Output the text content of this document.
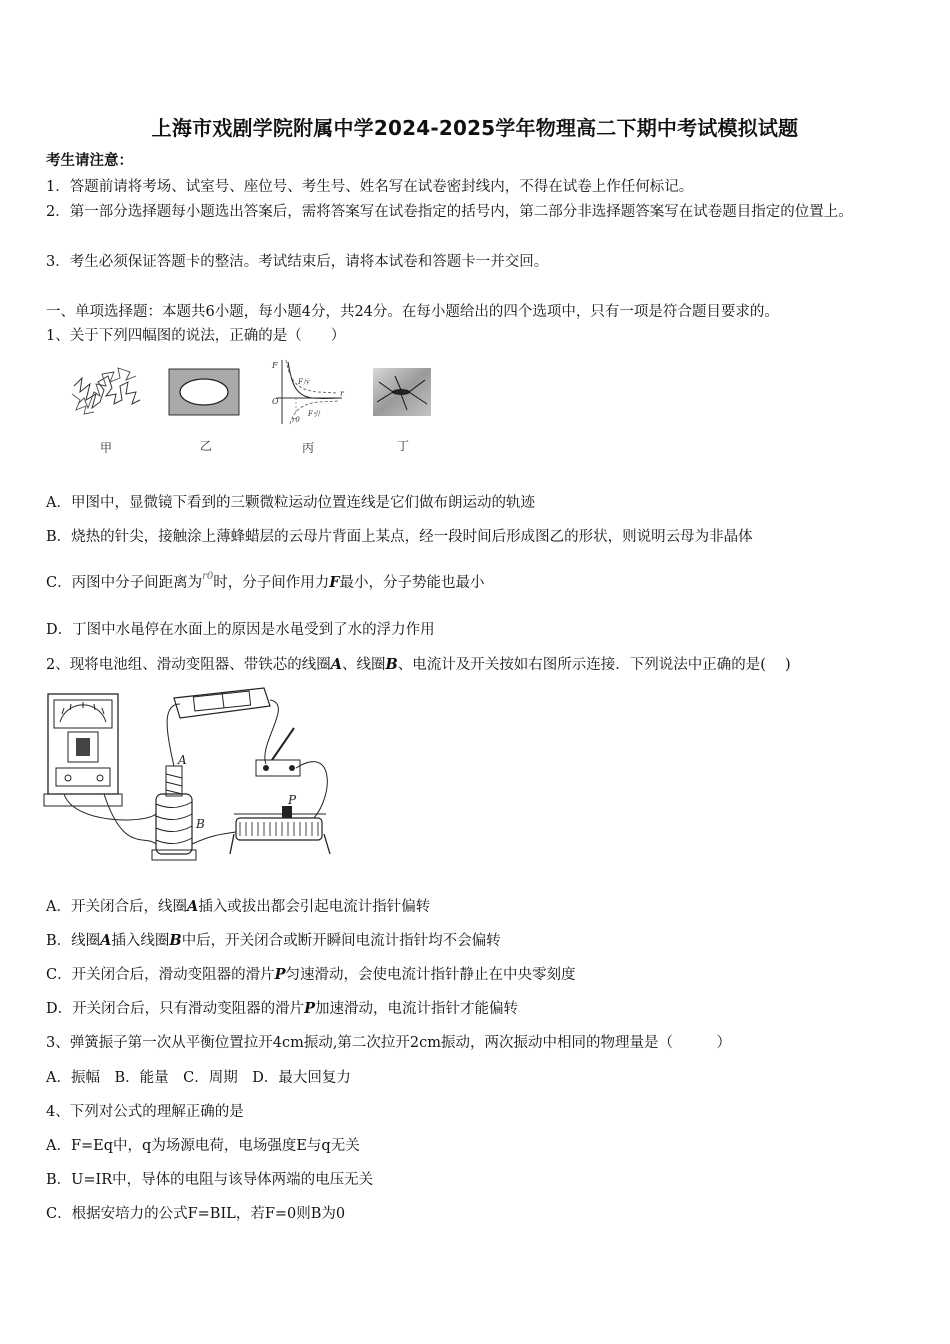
上海市戏剧学院附属中学2024-2025学年物理高二下期中考试模拟试题
考生请注意：
1．答题前请将考场、试室号、座位号、考生号、姓名写在试卷密封线内，不得在试卷上作任何标记。
2．第一部分选择题每小题选出答案后，需将答案写在试卷指定的括号内，第二部分非选择题答案写在试卷题目指定的位置上。
3．考生必须保证答题卡的整洁。考试结束后，请将本试卷和答题卡一并交回。
一、单项选择题：本题共6小题，每小题4分，共24分。在每小题给出的四个选项中，只有一项是符合题目要求的。
1、关于下列四幅图的说法，正确的是（　　）
F
F斥
F引
O
r
r0
甲	乙	丙	丁
A．甲图中，显微镜下看到的三颗微粒运动位置连线是它们做布朗运动的轨迹
B．烧热的针尖，接触涂上薄蜂蜡层的云母片背面上某点，经一段时间后形成图乙的形状，则说明云母为非晶体
C．丙图中分子间距离为$^{r0}$时，分子间作用力F最小，分子势能也最小
D．丁图中水黾停在水面上的原因是水黾受到了水的浮力作用
2、现将电池组、滑动变阻器、带铁芯的线圈A、线圈B、电流计及开关按如右图所示连接．下列说法中正确的是(　 )
A
B
P
A．开关闭合后，线圈A插入或拔出都会引起电流计指针偏转
B．线圈A插入线圈B中后，开关闭合或断开瞬间电流计指针均不会偏转
C．开关闭合后，滑动变阻器的滑片P匀速滑动，会使电流计指针静止在中央零刻度
D．开关闭合后，只有滑动变阻器的滑片P加速滑动，电流计指针才能偏转
3、弹簧振子第一次从平衡位置拉开4cm振动,第二次拉开2cm振动，两次振动中相同的物理量是（　　　）
A．振幅　B．能量　C．周期　D．最大回复力
4、下列对公式的理解正确的是
A．F=Eq中，q为场源电荷，电场强度E与q无关
B．U=IR中，导体的电阻与该导体两端的电压无关
C．根据安培力的公式F=BIL，若F=0则B为0
